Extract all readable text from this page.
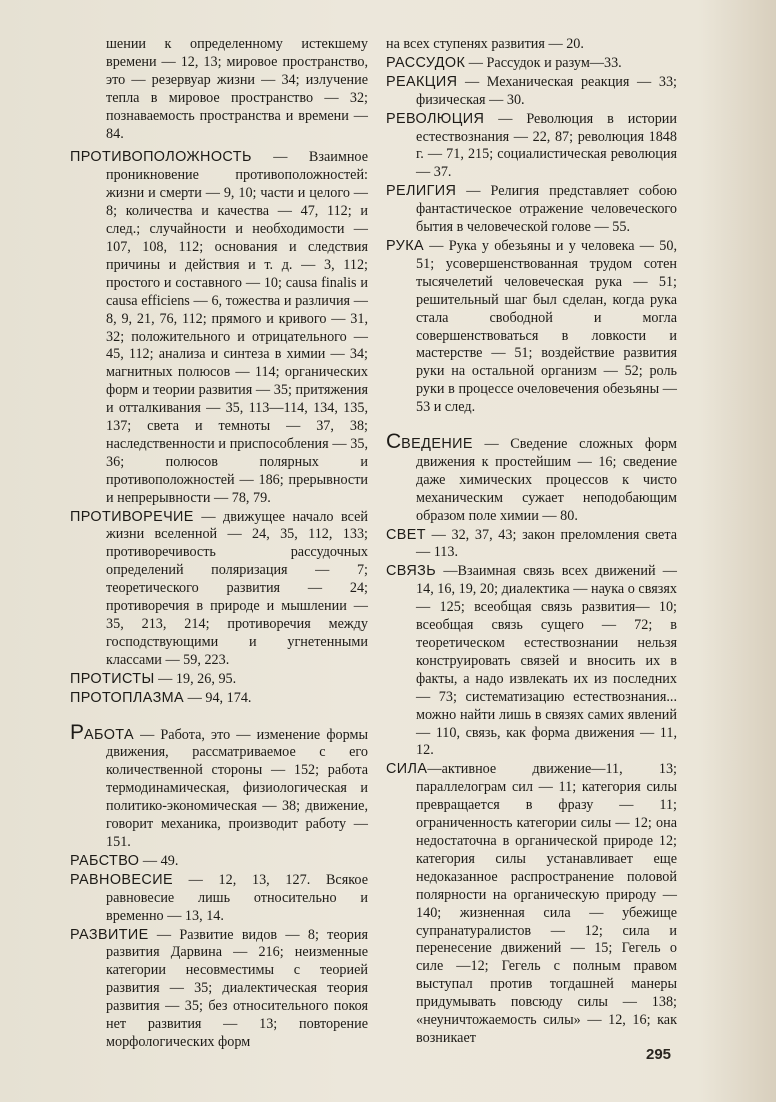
шении к определенному истекшему времени — 12, 13; мировое пространство, это — резервуар жизни — 34; излучение тепла в мировое пространство — 32; познаваемость пространства и времени — 84.

ПРОТИВОПОЛОЖНОСТЬ — Взаимное проникновение противоположностей: жизни и смерти — 9, 10; части и целого — 8; количества и качества — 47, 112; и след.; случайности и необходимости — 107, 108, 112; основания и следствия причины и действия и т. д. — 3, 112; простого и составного — 10; causa finalis и causa efficiens — 6, тожества и различия — 8, 9, 21, 76, 112; прямого и кривого — 31, 32; положительного и отрицательного — 45, 112; анализа и синтеза в химии — 34; магнитных полюсов — 114; органических форм и теории развития — 35; притяжения и отталкивания — 35, 113—114, 134, 135, 137; света и темноты — 37, 38; наследственности и приспособления — 35, 36; полюсов полярных и противоположностей — 186; прерывности и непрерывности — 78, 79.

ПРОТИВОРЕЧИЕ — движущее начало всей жизни вселенной — 24, 35, 112, 133; противоречивость рассудочных определений поляризация — 7; теоретического развития — 24; противоречия в природе и мышлении — 35, 213, 214; противоречия между господствующими и угнетенными классами — 59, 223.

ПРОТИСТЫ — 19, 26, 95.

ПРОТОПЛАЗМА — 94, 174.

РАБОТА — Работа, это — изменение формы движения, рассматриваемое с его количественной стороны — 152; работа термодинамическая, физиологическая и политико-экономическая — 38; движение, говорит механика, производит работу — 151.

РАБСТВО — 49.

РАВНОВЕСИЕ — 12, 13, 127. Всякое равновесие лишь относительно и временно — 13, 14.

РАЗВИТИЕ — Развитие видов — 8; теория развития Дарвина — 216; неизменные категории несовместимы с теорией развития — 35; диалектическая теория развития — 35; без относительного покоя нет развития — 13; повторение морфологических форм

на всех ступенях развития — 20.

РАССУДОК — Рассудок и разум—33.

РЕАКЦИЯ — Механическая реакция — 33; физическая — 30.

РЕВОЛЮЦИЯ — Революция в истории естествознания — 22, 87; революция 1848 г. — 71, 215; социалистическая революция — 37.

РЕЛИГИЯ — Религия представляет собою фантастическое отражение человеческого бытия в человеческой голове — 55.

РУКА — Рука у обезьяны и у человека — 50, 51; усовершенствованная трудом сотен тысячелетий человеческая рука — 51; решительный шаг был сделан, когда рука стала свободной и могла совершенствоваться в ловкости и мастерстве — 51; воздействие развития руки на остальной организм — 52; роль руки в процессе очеловечения обезьяны — 53 и след.

СВЕДЕНИЕ — Сведение сложных форм движения к простейшим — 16; сведение даже химических процессов к чисто механическим сужает неподобающим образом поле химии — 80.

СВЕТ — 32, 37, 43; закон преломления света — 113.

СВЯЗЬ —Взаимная связь всех движений — 14, 16, 19, 20; диалектика — наука о связях — 125; всеобщая связь развития— 10; всеобщая связь сущего — 72; в теоретическом естествознании нельзя конструировать связей и вносить их в факты, а надо извлекать их из последних — 73; систематизацию естествознания... можно найти лишь в связях самих явлений — 110, связь, как форма движения — 11, 12.

СИЛА—активное движение—11, 13; параллелограм сил — 11; категория силы превращается в фразу — 11; ограниченность категории силы — 12; она недостаточна в органической природе 12; категория силы устанавливает еще недоказанное распространение половой полярности на органическую природу — 140; жизненная сила — убежище супранатуралистов — 12; сила и перенесение движений — 15; Гегель о силе —12; Гегель с полным правом выступал против тогдашней манеры придумывать повсюду силы — 138; «неуничтожаемость силы» — 12, 16; как возникает

295
